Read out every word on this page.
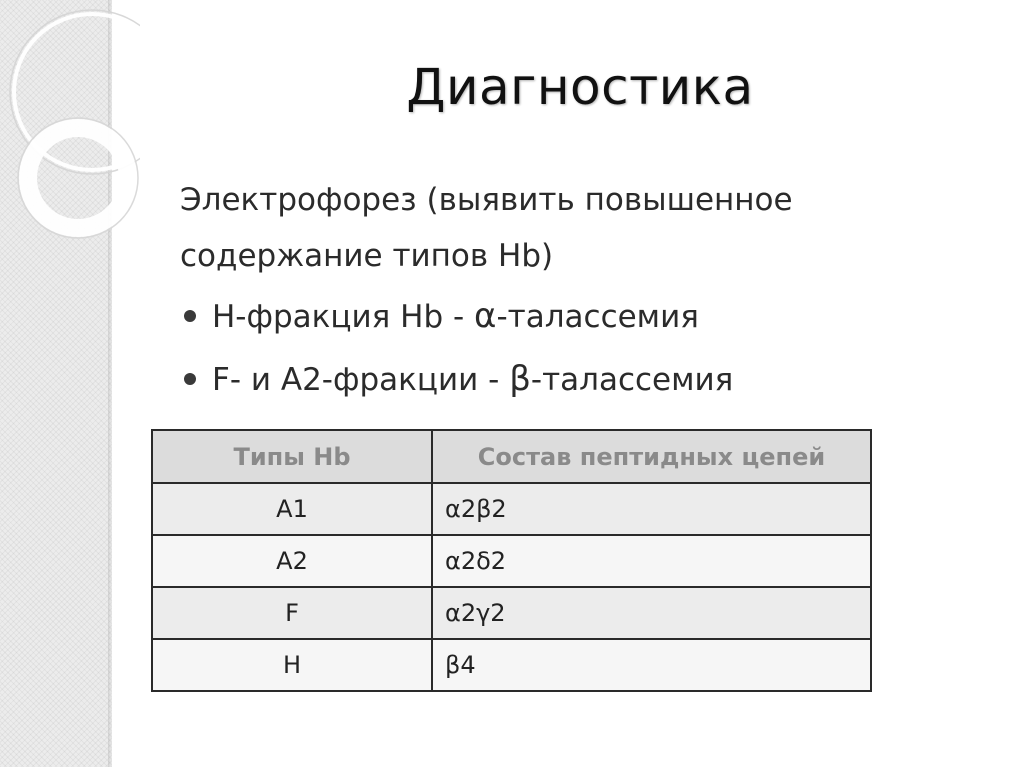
Диагностика

Электрофорез (выявить повышенное содержание типов Hb)

H-фракция Hb - α-талассемия
F- и A2-фракции - β-талассемия
Типы Hb	Состав пептидных цепей
A1	α2β2
A2	α2δ2
F	α2γ2
H	β4
